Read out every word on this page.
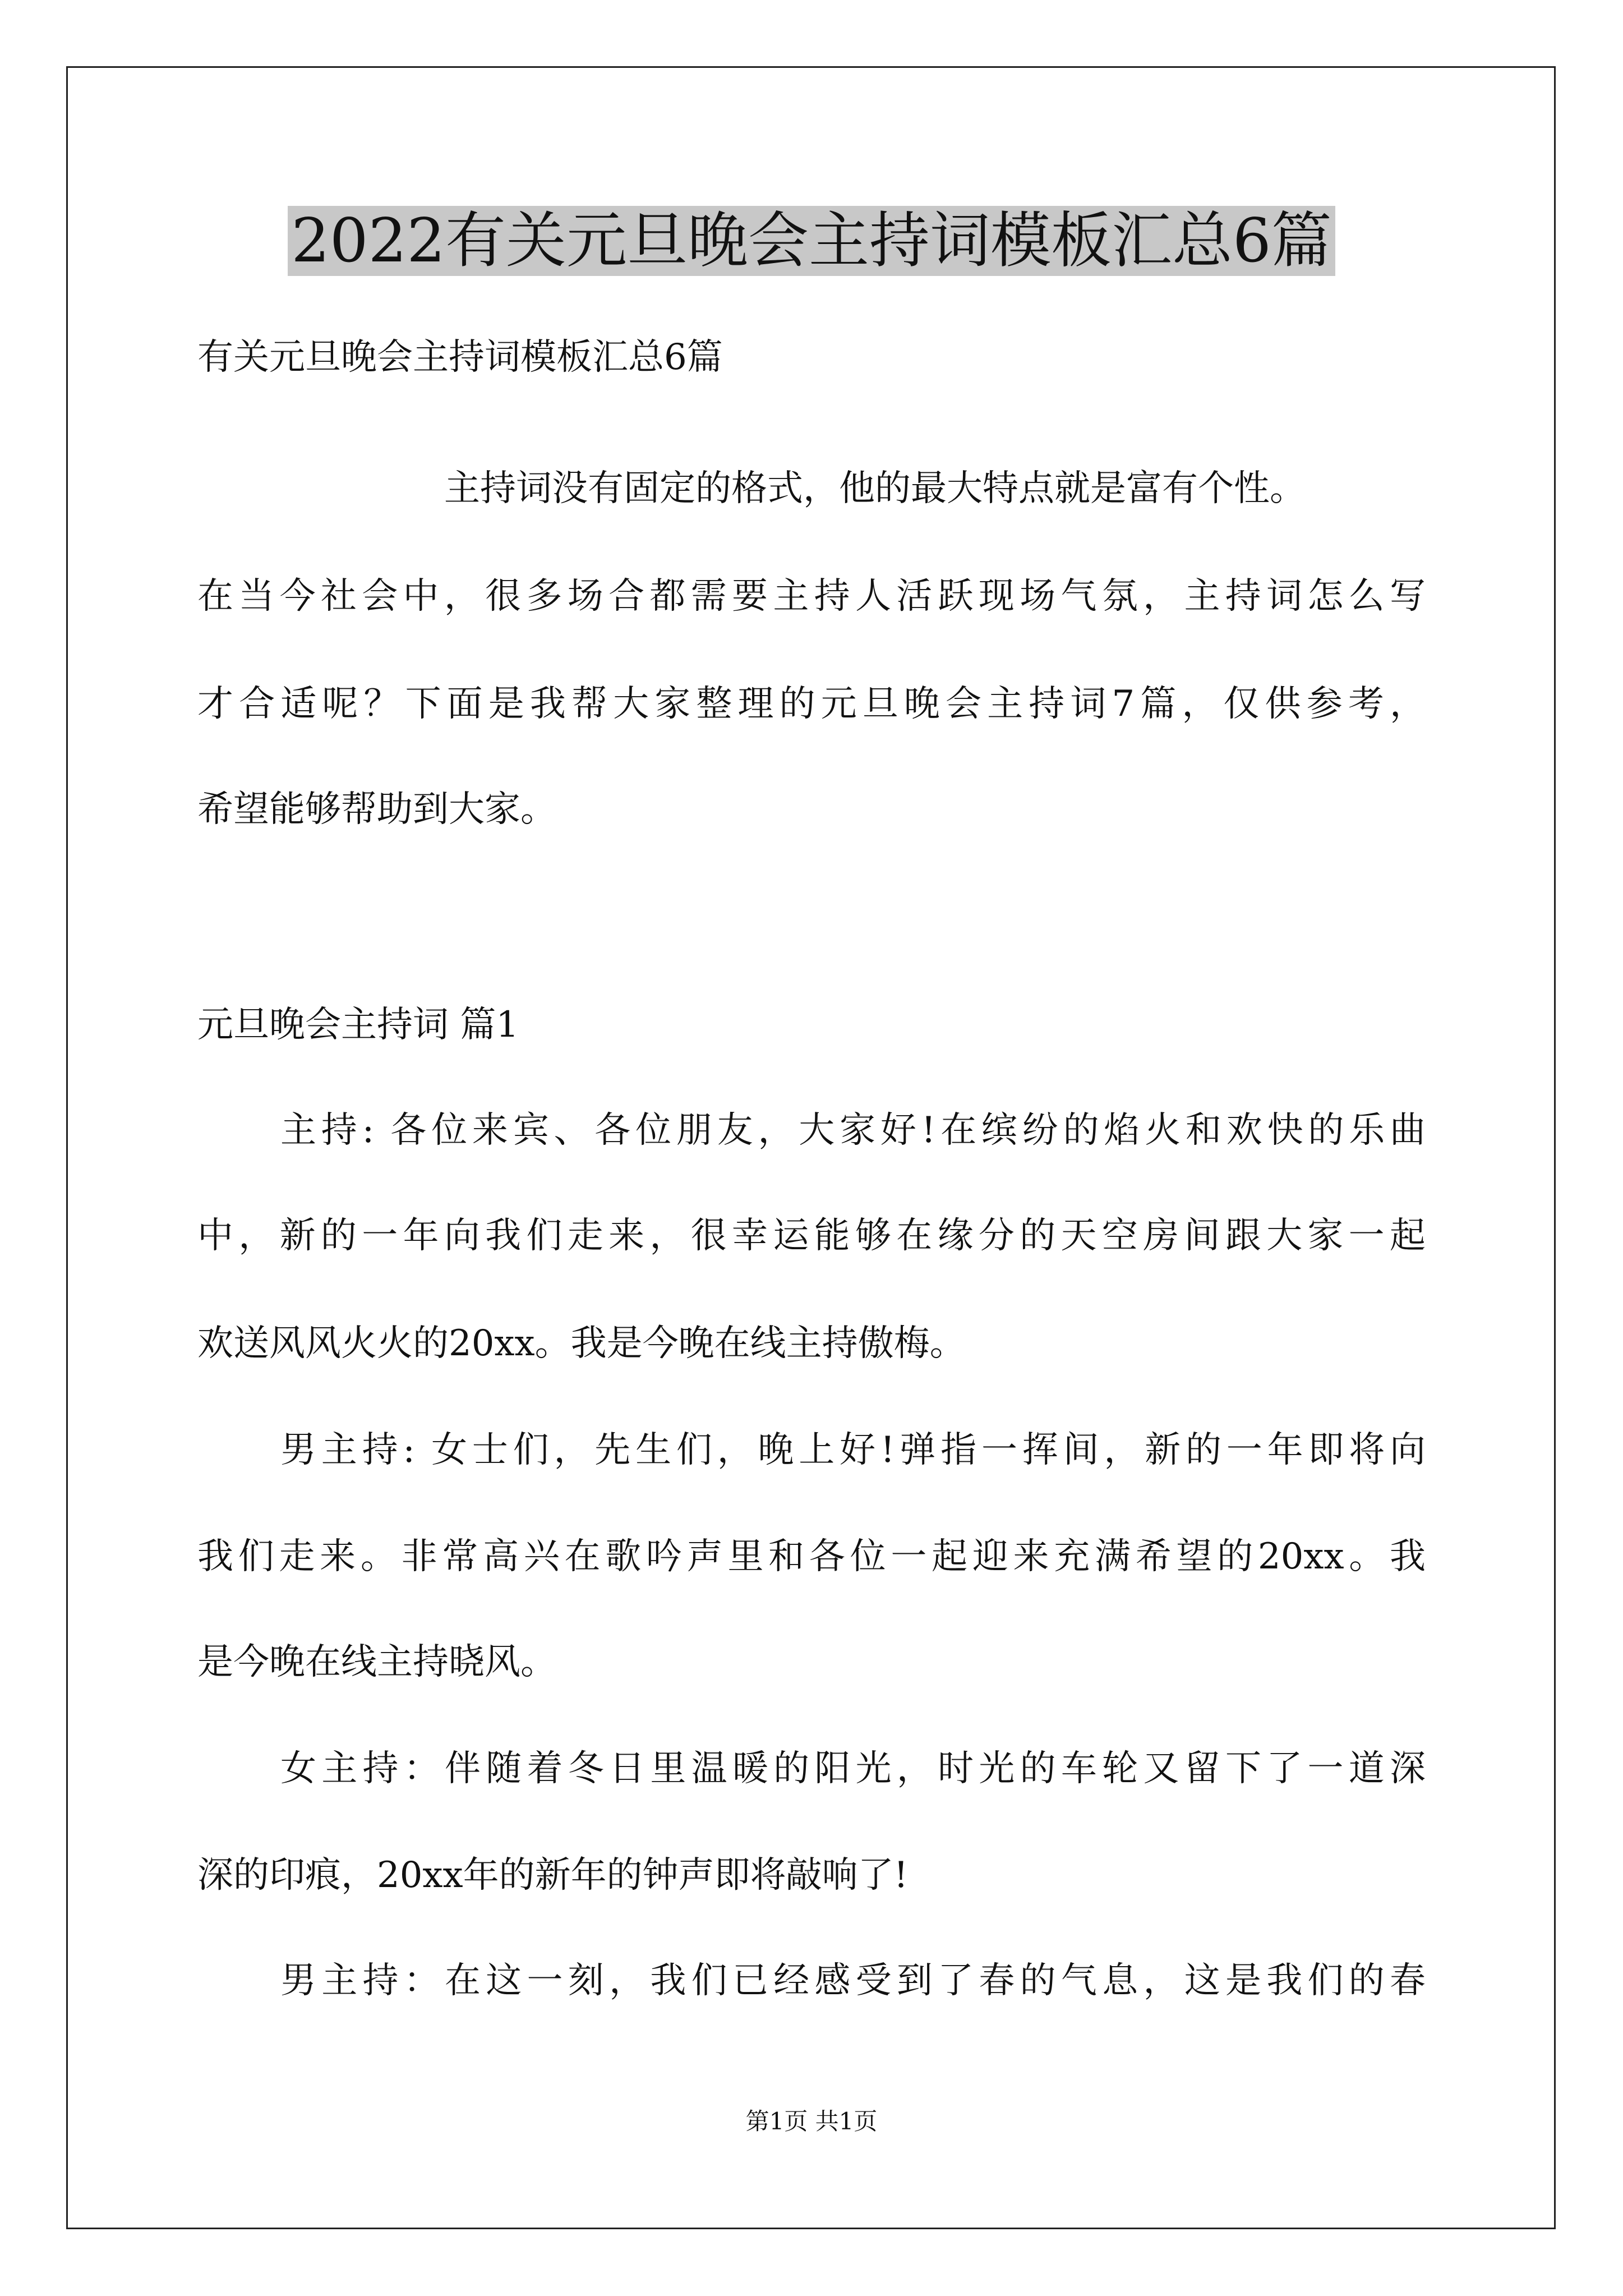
2022有关元旦晚会主持词模板汇总6篇
有关元旦晚会主持词模板汇总6篇
主持词没有固定的格式，他的最大特点就是富有个性。
在当今社会中，很多场合都需要主持人活跃现场气氛，主持词怎么写
才合适呢？下面是我帮大家整理的元旦晚会主持词7篇，仅供参考，
希望能够帮助到大家。
元旦晚会主持词 篇1
主持: 各位来宾、各位朋友，大家好!在缤纷的焰火和欢快的乐曲
中，新的一年向我们走来，很幸运能够在缘分的天空房间跟大家一起
欢送风风火火的20xx。我是今晚在线主持傲梅。
男主持: 女士们，先生们，晚上好!弹指一挥间，新的一年即将向
我们走来。非常高兴在歌吟声里和各位一起迎来充满希望的20xx。我
是今晚在线主持晓风。
女主持：伴随着冬日里温暖的阳光，时光的车轮又留下了一道深
深的印痕，20xx年的新年的钟声即将敲响了!
男主持：在这一刻，我们已经感受到了春的气息，这是我们的春
第1页 共1页
